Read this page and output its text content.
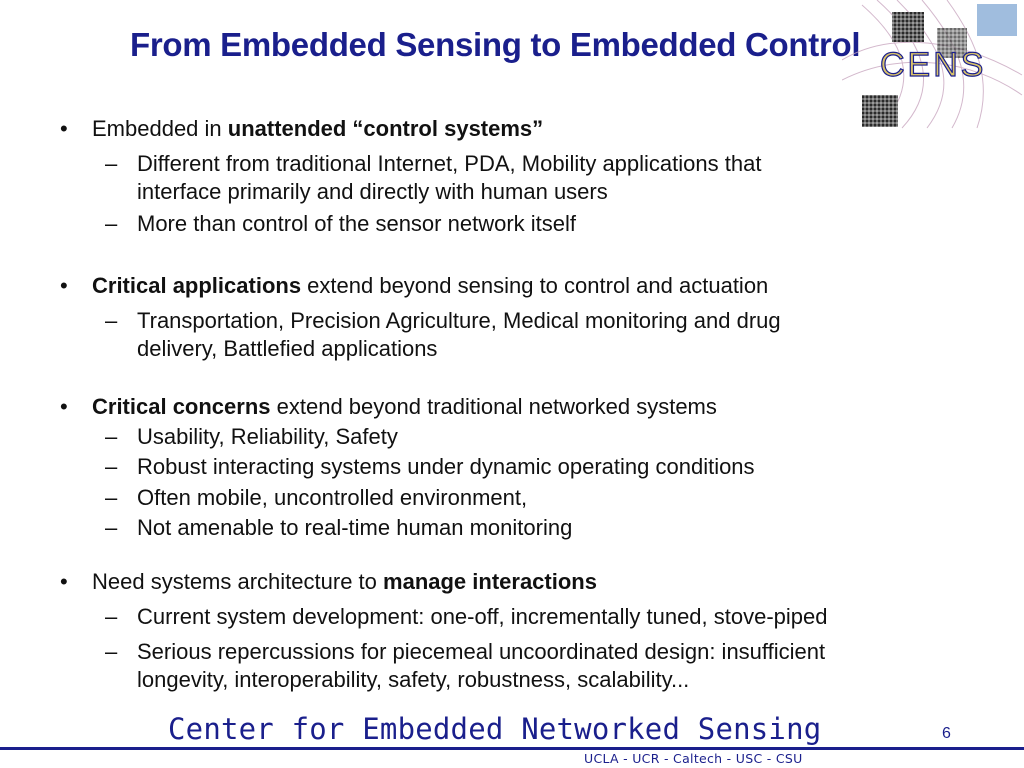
From Embedded Sensing to Embedded Control
CENS
• Embedded in unattended “control systems”
– Different from traditional Internet, PDA, Mobility applications that
interface primarily and directly with human users
– More than control of the sensor network itself
• Critical applications extend beyond sensing to control and actuation
– Transportation, Precision Agriculture, Medical monitoring and drug
delivery, Battlefied applications
• Critical concerns extend beyond traditional networked systems
– Usability, Reliability, Safety
– Robust interacting systems under dynamic operating conditions
– Often mobile, uncontrolled environment,
– Not amenable to real-time human monitoring
• Need systems architecture to manage interactions
– Current system development: one-off, incrementally tuned, stove-piped
– Serious repercussions for piecemeal uncoordinated design: insufficient
longevity, interoperability, safety, robustness, scalability...
Center for Embedded Networked Sensing	6
UCLA - UCR - Caltech - USC - CSU
